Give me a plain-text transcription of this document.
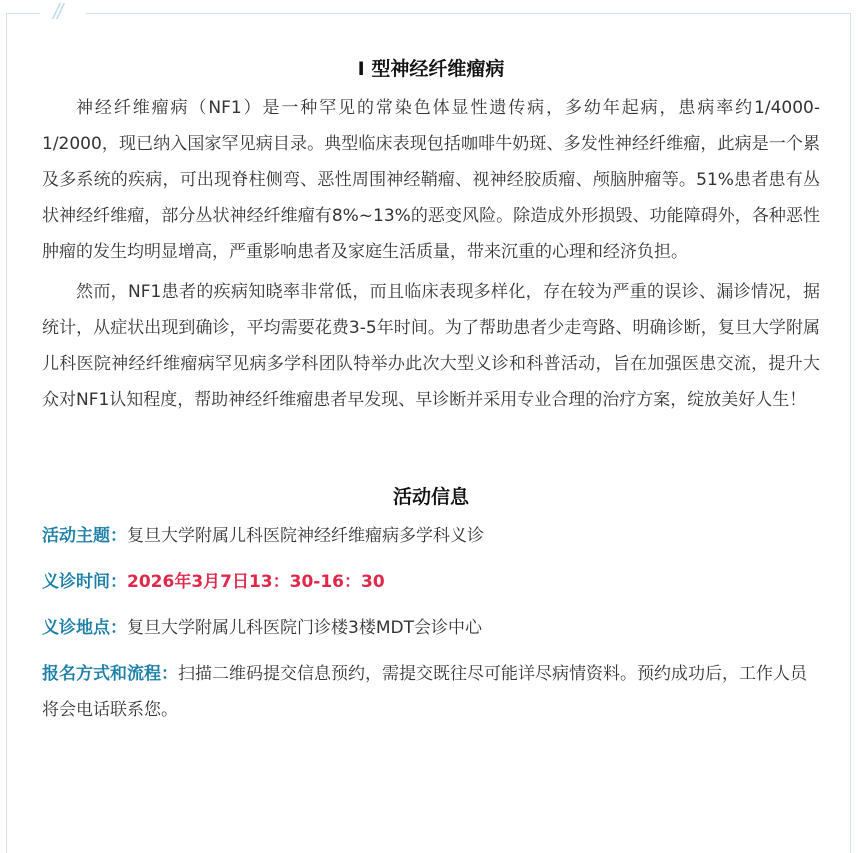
//
I 型神经纤维瘤病

神经纤维瘤病（NF1）是一种罕见的常染色体显性遗传病，多幼年起病，患病率约1/4000-1/2000，现已纳入国家罕见病目录。典型临床表现包括咖啡牛奶斑、多发性神经纤维瘤，此病是一个累及多系统的疾病，可出现脊柱侧弯、恶性周围神经鞘瘤、视神经胶质瘤、颅脑肿瘤等。51%患者患有丛状神经纤维瘤，部分丛状神经纤维瘤有8%~13%的恶变风险。除造成外形损毁、功能障碍外，各种恶性肿瘤的发生均明显增高，严重影响患者及家庭生活质量，带来沉重的心理和经济负担。

然而，NF1患者的疾病知晓率非常低，而且临床表现多样化，存在较为严重的误诊、漏诊情况，据统计，从症状出现到确诊，平均需要花费3-5年时间。为了帮助患者少走弯路、明确诊断，复旦大学附属儿科医院神经纤维瘤病罕见病多学科团队特举办此次大型义诊和科普活动，旨在加强医患交流，提升大众对NF1认知程度，帮助神经纤维瘤患者早发现、早诊断并采用专业合理的治疗方案，绽放美好人生！

活动信息
活动主题：复旦大学附属儿科医院神经纤维瘤病多学科义诊
义诊时间：2026年3月7日13：30-16：30
义诊地点：复旦大学附属儿科医院门诊楼3楼MDT会诊中心
报名方式和流程：扫描二维码提交信息预约，需提交既往尽可能详尽病情资料。预约成功后，工作人员将会电话联系您。
